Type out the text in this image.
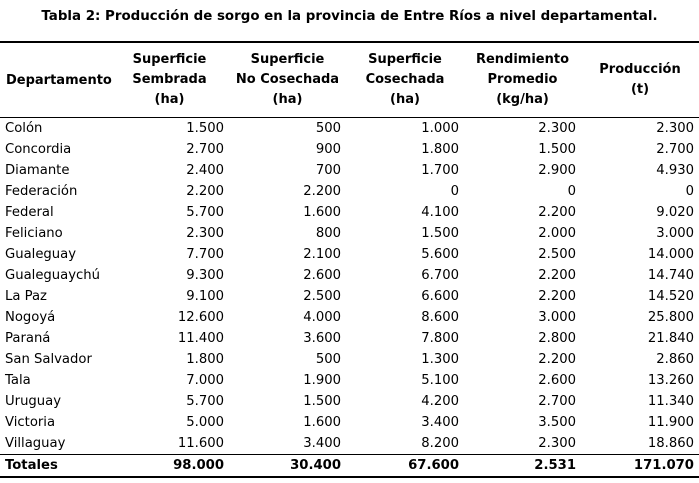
Tabla 2: Producción de sorgo en la provincia de Entre Ríos a nivel departamental.
Departamento	Superficie
Sembrada
(ha)	Superficie
No Cosechada
(ha)	Superficie
Cosechada
(ha)	Rendimiento
Promedio
(kg/ha)	Producción
(t)
Colón	1.500	500	1.000	2.300	2.300
Concordia	2.700	900	1.800	1.500	2.700
Diamante	2.400	700	1.700	2.900	4.930
Federación	2.200	2.200	0	0	0
Federal	5.700	1.600	4.100	2.200	9.020
Feliciano	2.300	800	1.500	2.000	3.000
Gualeguay	7.700	2.100	5.600	2.500	14.000
Gualeguaychú	9.300	2.600	6.700	2.200	14.740
La Paz	9.100	2.500	6.600	2.200	14.520
Nogoyá	12.600	4.000	8.600	3.000	25.800
Paraná	11.400	3.600	7.800	2.800	21.840
San Salvador	1.800	500	1.300	2.200	2.860
Tala	7.000	1.900	5.100	2.600	13.260
Uruguay	5.700	1.500	4.200	2.700	11.340
Victoria	5.000	1.600	3.400	3.500	11.900
Villaguay	11.600	3.400	8.200	2.300	18.860
Totales	98.000	30.400	67.600	2.531	171.070
